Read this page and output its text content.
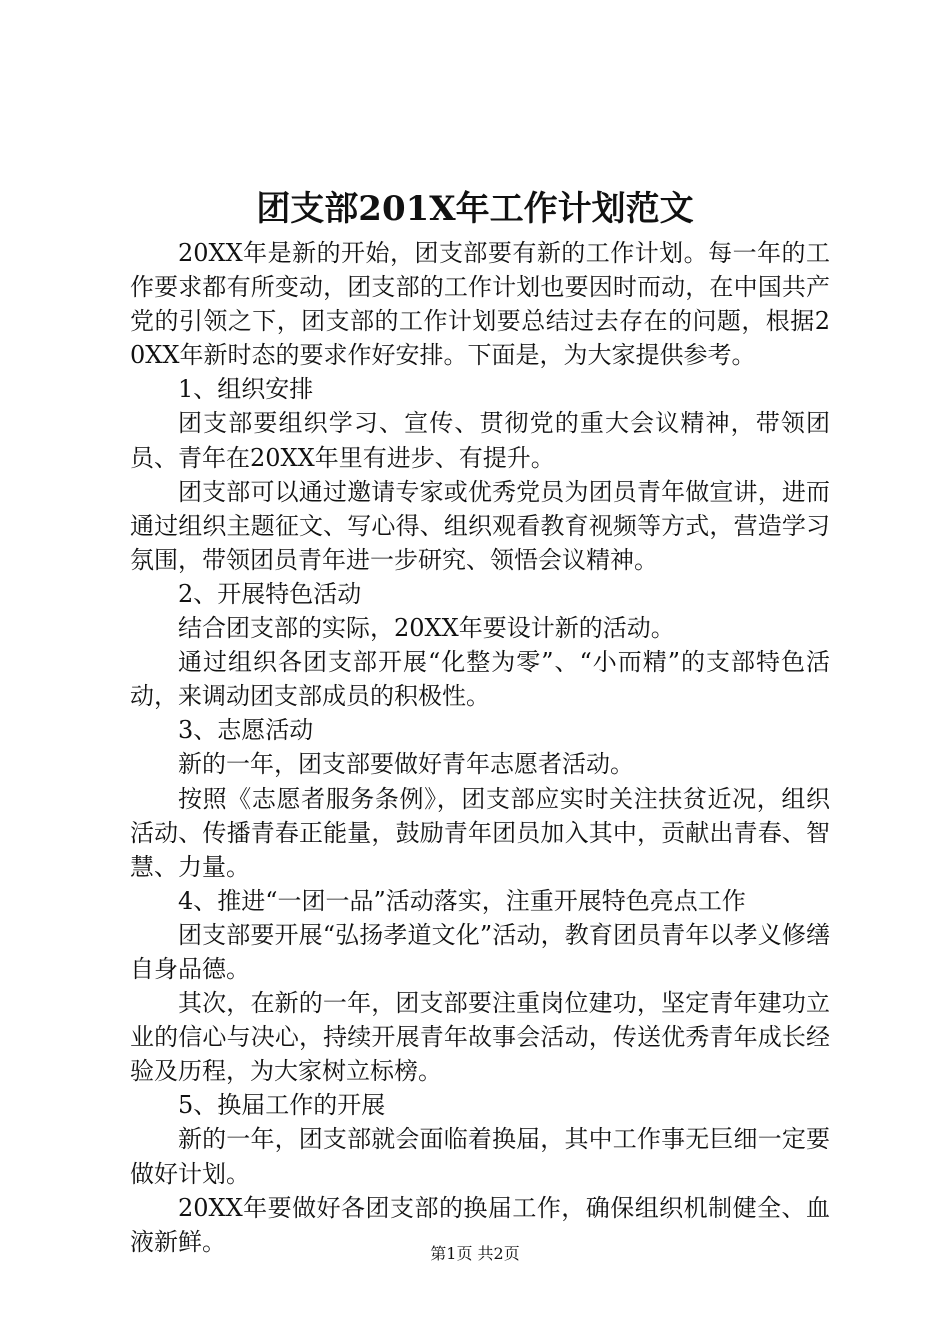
团支部201X年工作计划范文

20XX年是新的开始，团支部要有新的工作计划。每一年的工作要求都有所变动，团支部的工作计划也要因时而动，在中国共产党的引领之下，团支部的工作计划要总结过去存在的问题，根据20XX年新时态的要求作好安排。下面是，为大家提供参考。

1、组织安排

团支部要组织学习、宣传、贯彻党的重大会议精神，带领团员、青年在20XX年里有进步、有提升。

团支部可以通过邀请专家或优秀党员为团员青年做宣讲，进而通过组织主题征文、写心得、组织观看教育视频等方式，营造学习氛围，带领团员青年进一步研究、领悟会议精神。

2、开展特色活动

结合团支部的实际，20XX年要设计新的活动。

通过组织各团支部开展“化整为零”、“小而精”的支部特色活动，来调动团支部成员的积极性。

3、志愿活动

新的一年，团支部要做好青年志愿者活动。

按照《志愿者服务条例》，团支部应实时关注扶贫近况，组织活动、传播青春正能量，鼓励青年团员加入其中，贡献出青春、智慧、力量。

4、推进“一团一品”活动落实，注重开展特色亮点工作

团支部要开展“弘扬孝道文化”活动，教育团员青年以孝义修缮自身品德。

其次，在新的一年，团支部要注重岗位建功，坚定青年建功立业的信心与决心，持续开展青年故事会活动，传送优秀青年成长经验及历程，为大家树立标榜。

5、换届工作的开展

新的一年，团支部就会面临着换届，其中工作事无巨细一定要做好计划。

20XX年要做好各团支部的换届工作，确保组织机制健全、血液新鲜。	第1页 共2页
